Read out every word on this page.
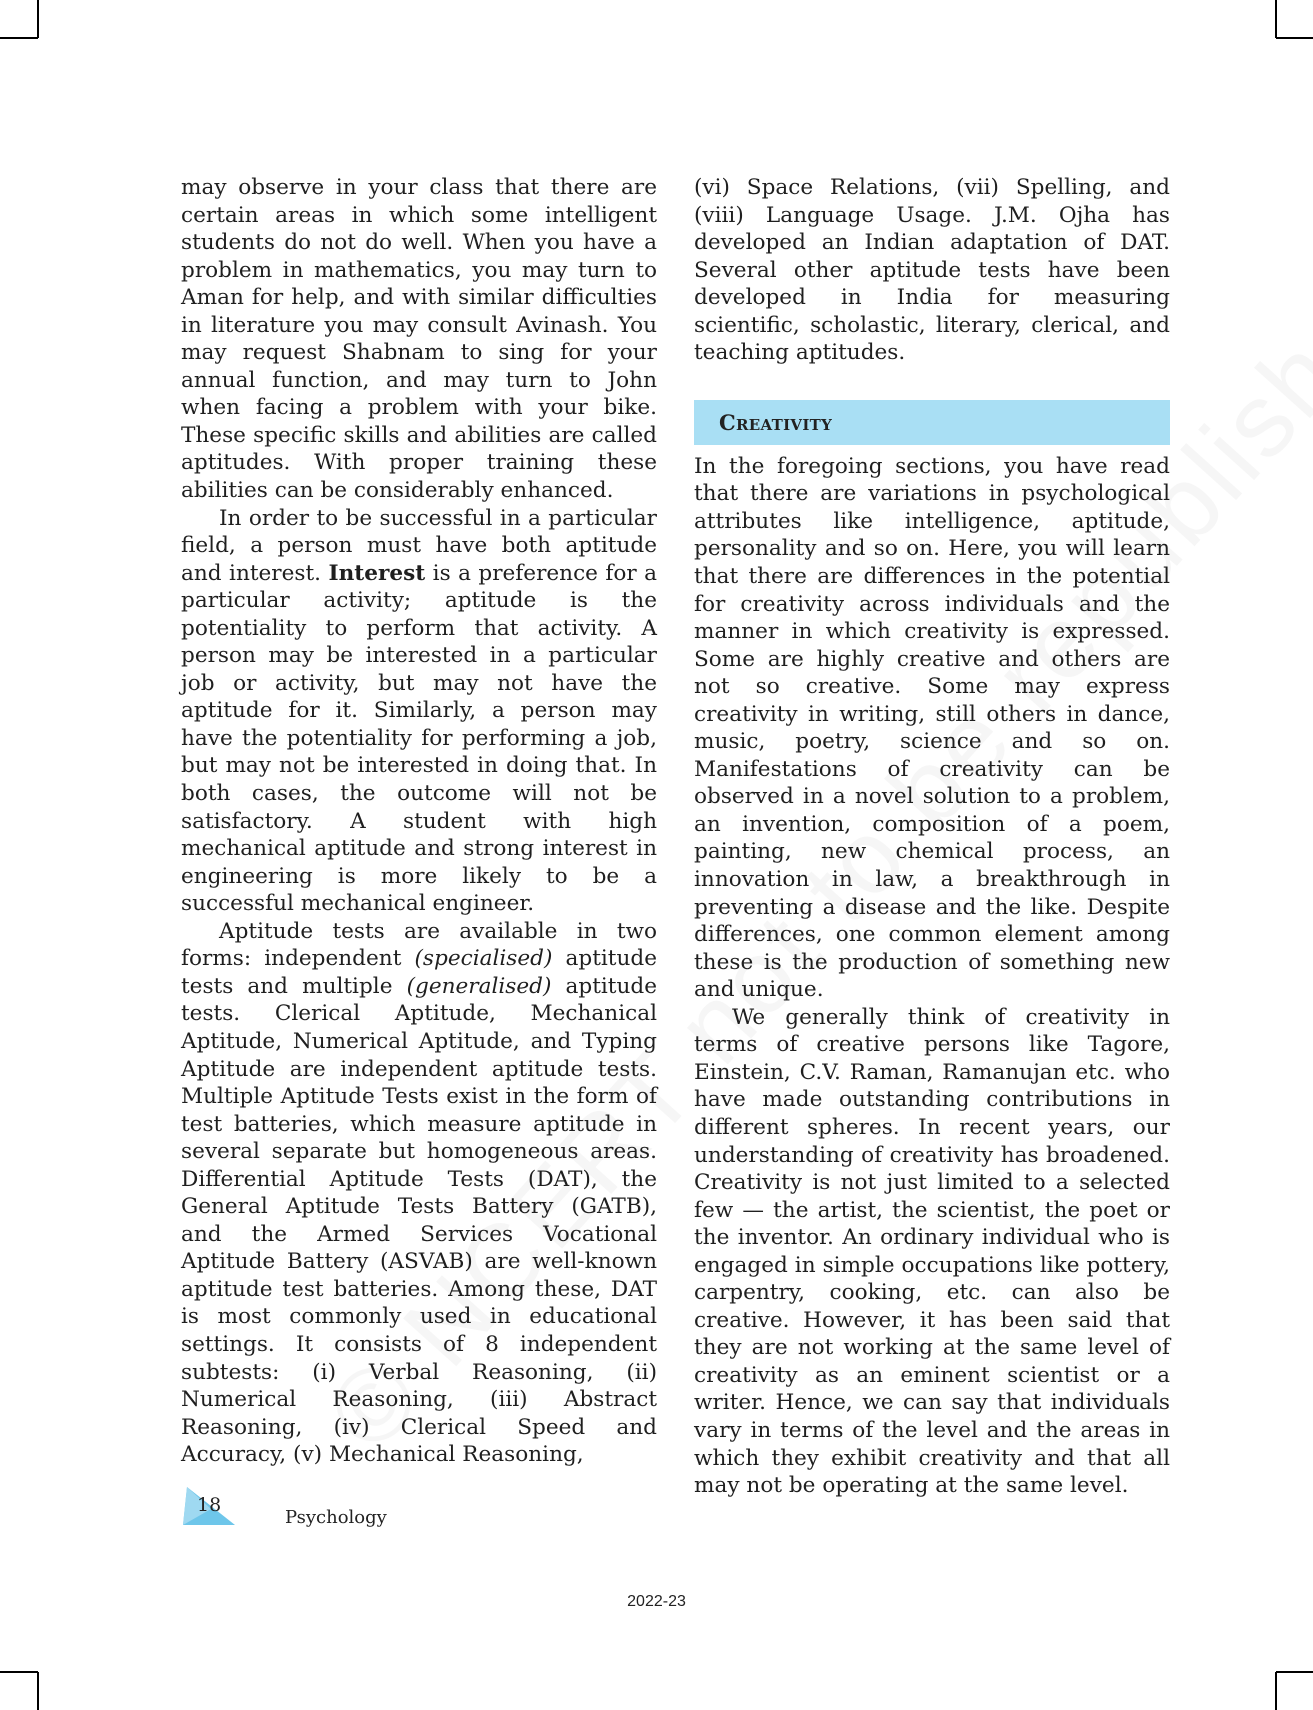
may observe in your class that there are certain areas in which some intelligent students do not do well. When you have a problem in mathematics, you may turn to Aman for help, and with similar difficulties in literature you may consult Avinash. You may request Shabnam to sing for your annual function, and may turn to John when facing a problem with your bike. These specific skills and abilities are called aptitudes. With proper training these abilities can be considerably enhanced.

In order to be successful in a particular field, a person must have both aptitude and interest. Interest is a preference for a particular activity; aptitude is the potentiality to perform that activity. A person may be interested in a particular job or activity, but may not have the aptitude for it. Similarly, a person may have the potentiality for performing a job, but may not be interested in doing that. In both cases, the outcome will not be satisfactory. A student with high mechanical aptitude and strong interest in engineering is more likely to be a successful mechanical engineer.

Aptitude tests are available in two forms: independent (specialised) aptitude tests and multiple (generalised) aptitude tests. Clerical Aptitude, Mechanical Aptitude, Numerical Aptitude, and Typing Aptitude are independent aptitude tests. Multiple Aptitude Tests exist in the form of test batteries, which measure aptitude in several separate but homogeneous areas. Differential Aptitude Tests (DAT), the General Aptitude Tests Battery (GATB), and the Armed Services Vocational Aptitude Battery (ASVAB) are well-known aptitude test batteries. Among these, DAT is most commonly used in educational settings. It consists of 8 independent subtests: (i) Verbal Reasoning, (ii) Numerical Reasoning, (iii) Abstract Reasoning, (iv) Clerical Speed and Accuracy, (v) Mechanical Reasoning,

(vi) Space Relations, (vii) Spelling, and (viii) Language Usage. J.M. Ojha has developed an Indian adaptation of DAT. Several other aptitude tests have been developed in India for measuring scientific, scholastic, literary, clerical, and teaching aptitudes.

Creativity

In the foregoing sections, you have read that there are variations in psychological attributes like intelligence, aptitude, personality and so on. Here, you will learn that there are differences in the potential for creativity across individuals and the manner in which creativity is expressed. Some are highly creative and others are not so creative. Some may express creativity in writing, still others in dance, music, poetry, science and so on. Manifestations of creativity can be observed in a novel solution to a problem, an invention, composition of a poem, painting, new chemical process, an innovation in law, a breakthrough in preventing a disease and the like. Despite differences, one common element among these is the production of something new and unique.

We generally think of creativity in terms of creative persons like Tagore, Einstein, C.V. Raman, Ramanujan etc. who have made outstanding contributions in different spheres. In recent years, our understanding of creativity has broadened. Creativity is not just limited to a selected few — the artist, the scientist, the poet or the inventor. An ordinary individual who is engaged in simple occupations like pottery, carpentry, cooking, etc. can also be creative. However, it has been said that they are not working at the same level of creativity as an eminent scientist or a writer. Hence, we can say that individuals vary in terms of the level and the areas in which they exhibit creativity and that all may not be operating at the same level.

18
Psychology
2022-23
